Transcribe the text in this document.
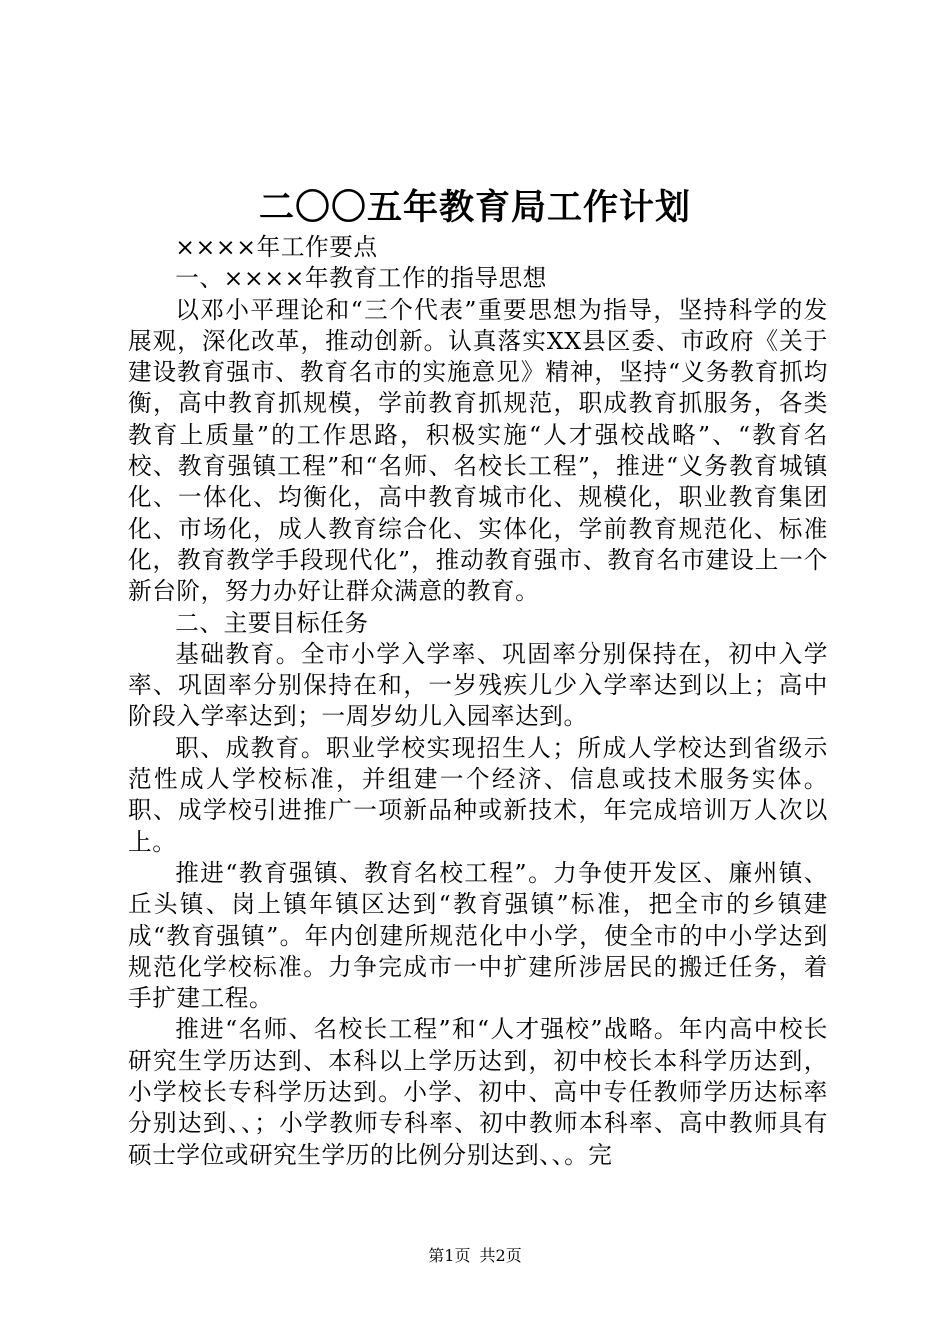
二〇〇五年教育局工作计划

××××年工作要点

一、××××年教育工作的指导思想

以邓小平理论和“三个代表”重要思想为指导，坚持科学的发展观，深化改革，推动创新。认真落实XX县区委、市政府《关于建设教育强市、教育名市的实施意见》精神，坚持“义务教育抓均衡，高中教育抓规模，学前教育抓规范，职成教育抓服务，各类教育上质量”的工作思路，积极实施“人才强校战略”、“教育名校、教育强镇工程”和“名师、名校长工程”，推进“义务教育城镇化、一体化、均衡化，高中教育城市化、规模化，职业教育集团化、市场化，成人教育综合化、实体化，学前教育规范化、标准化，教育教学手段现代化”，推动教育强市、教育名市建设上一个新台阶，努力办好让群众满意的教育。

二、主要目标任务

基础教育。全市小学入学率、巩固率分别保持在，初中入学率、巩固率分别保持在和，一岁残疾儿少入学率达到以上；高中阶段入学率达到；一周岁幼儿入园率达到。

职、成教育。职业学校实现招生人；所成人学校达到省级示范性成人学校标准，并组建一个经济、信息或技术服务实体。职、成学校引进推广一项新品种或新技术，年完成培训万人次以上。

推进“教育强镇、教育名校工程”。力争使开发区、廉州镇、丘头镇、岗上镇年镇区达到“教育强镇”标准，把全市的乡镇建成“教育强镇”。年内创建所规范化中小学，使全市的中小学达到规范化学校标准。力争完成市一中扩建所涉居民的搬迁任务，着手扩建工程。

推进“名师、名校长工程”和“人才强校”战略。年内高中校长研究生学历达到、本科以上学历达到，初中校长本科学历达到，小学校长专科学历达到。小学、初中、高中专任教师学历达标率分别达到、、；小学教师专科率、初中教师本科率、高中教师具有硕士学位或研究生学历的比例分别达到、、。完

第1页 共2页
